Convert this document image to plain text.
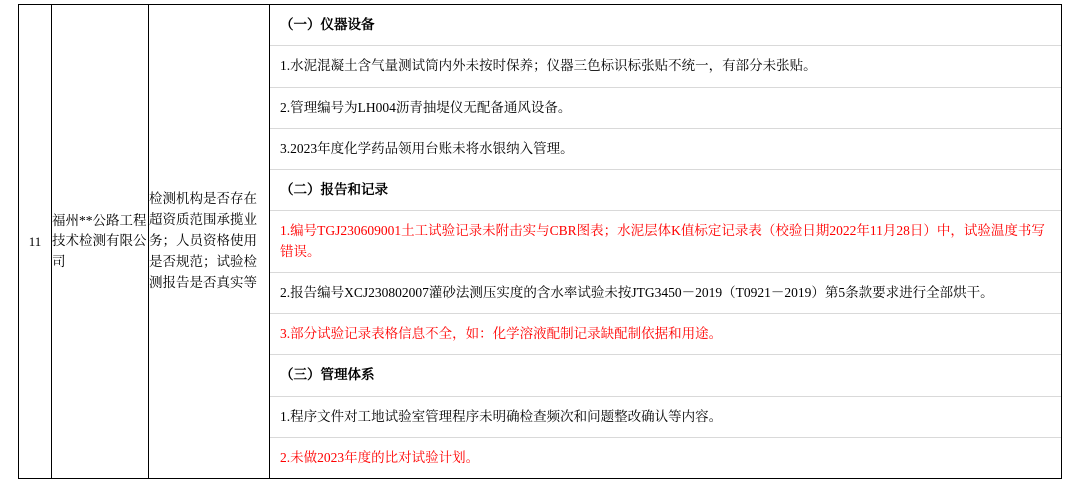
11	福州**公路工程技术检测有限公司	检测机构是否存在超资质范围承揽业务；人员资格使用是否规范；试验检测报告是否真实等	
（一）仪器设备
1.水泥混凝土含气量测试筒内外未按时保养；仪器三色标识标张贴不统一，有部分未张贴。
2.管理编号为LH004沥青抽堤仪无配备通风设备。
3.2023年度化学药品领用台账未将水银纳入管理。
（二）报告和记录
1.编号TGJ230609001土工试验记录未附击实与CBR图表；水泥层体K值标定记录表（校验日期2022年11月28日）中，试验温度书写错误。
2.报告编号XCJ230802007灌砂法测压实度的含水率试验未按JTG3450－2019（T0921－2019）第5条款要求进行全部烘干。
3.部分试验记录表格信息不全，如：化学溶液配制记录缺配制依据和用途。
（三）管理体系
1.程序文件对工地试验室管理程序未明确检查频次和问题整改确认等内容。
2.未做2023年度的比对试验计划。
